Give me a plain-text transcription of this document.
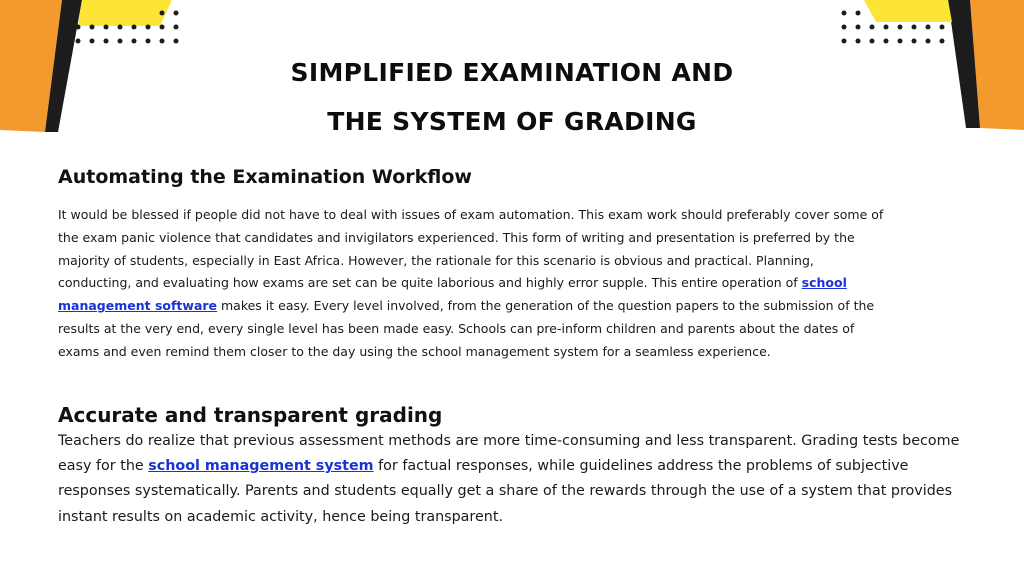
SIMPLIFIED EXAMINATION AND
THE SYSTEM OF GRADING
Automating the Examination Workflow
It would be blessed if people did not have to deal with issues of exam automation. This exam work should preferably cover some of the exam panic violence that candidates and invigilators experienced. This form of writing and presentation is preferred by the majority of students, especially in East Africa. However, the rationale for this scenario is obvious and practical. Planning, conducting, and evaluating how exams are set can be quite laborious and highly error supple. This entire operation of school management software makes it easy. Every level involved, from the generation of the question papers to the submission of the results at the very end, every single level has been made easy. Schools can pre-inform children and parents about the dates of exams and even remind them closer to the day using the school management system for a seamless experience.
Accurate and transparent grading
Teachers do realize that previous assessment methods are more time-consuming and less transparent. Grading tests become easy for the school management system for factual responses, while guidelines address the problems of subjective responses systematically. Parents and students equally get a share of the rewards through the use of a system that provides instant results on academic activity, hence being transparent.
